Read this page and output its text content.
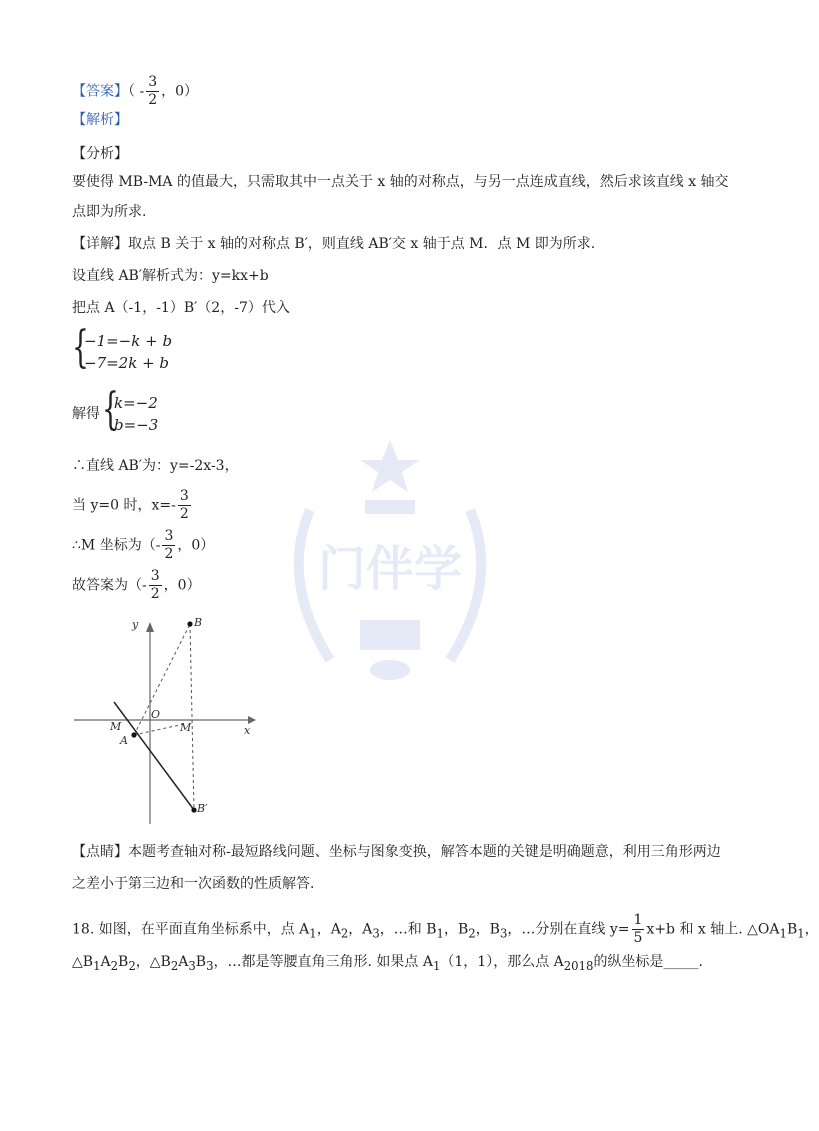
门伴学
【答案】（ - $\frac{3}{2}$ ，0）
【解析】
【分析】
要使得 MB-MA 的值最大，只需取其中一点关于 x 轴的对称点，与另一点连成直线，然后求该直线 x 轴交
点即为所求.
【详解】取点 B 关于 x 轴的对称点 B′，则直线 AB′交 x 轴于点 M．点 M 即为所求.
设直线 AB′解析式为：y=kx+b
把点 A（-1，-1）B′（2，-7）代入
{
−1=−k + b
−7=2k + b
解得 {
k=−2
b=−3
∴直线 AB′为：y=-2x-3，
当 y=0 时，$x=- \frac{3}{2}$
∴M 坐标为（- $\frac{3}{2}$ ，0）
故答案为（- $\frac{3}{2}$ ，0）
y
x
O
B
M	M
A
B′
【点睛】本题考查轴对称-最短路线问题、坐标与图象变换，解答本题的关键是明确题意，利用三角形两边
之差小于第三边和一次函数的性质解答.
18. 如图，在平面直角坐标系中，点 $A_1$，$A_2$，$A_3$，…和 $B_1$，$B_2$，$B_3$，…分别在直线 $y= \frac{1}{5} x+b$ 和 x 轴上. $\triangle OA_1B_1$，
$\triangle B_1A_2B_2$，$\triangle B_2A_3B_3$，…都是等腰直角三角形. 如果点 $A_1(1$，1），那么点 $A_{2018}$的纵坐标是_____.
